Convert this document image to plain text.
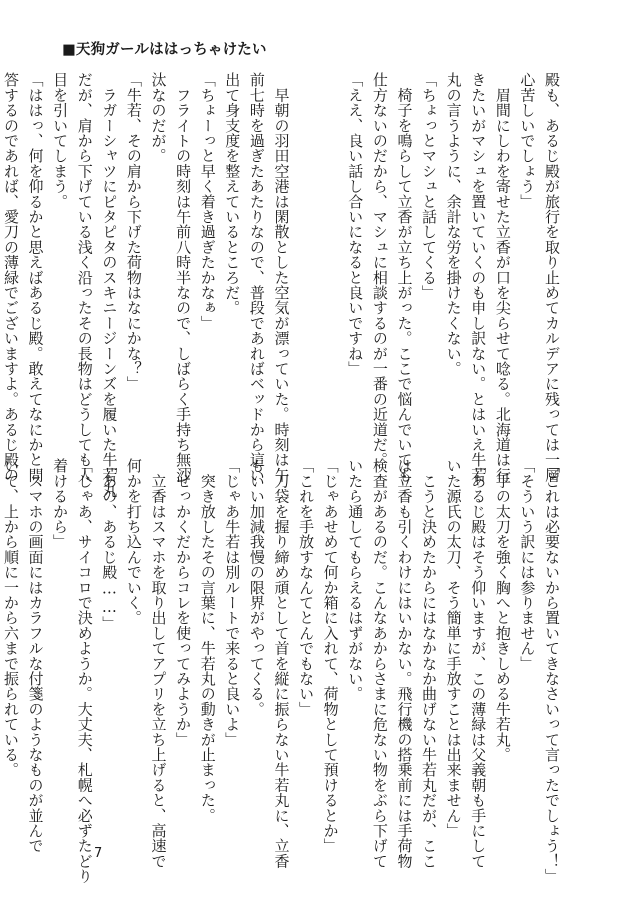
■天狗ガールははっちゃけたい
殿も、あるじ殿が旅行を取り止めてカルデアに残っては一層
心苦しいでしょう」
　眉間にしわを寄せた立香が口を尖らせて唸る。北海道は行
きたいがマシュを置いていくのも申し訳ない。とはいえ牛若
丸の言うように、余計な労を掛けたくない。
「ちょっとマシュと話してくる」
　椅子を鳴らして立香が立ち上がった。ここで悩んでいても
仕方ないのだから、マシュに相談するのが一番の近道だ。
「ええ、良い話し合いになると良いですね」

　早朝の羽田空港は閑散とした空気が漂っていた。時刻は午
前七時を過ぎたあたりなので、普段であればベッドから這い
出て身支度を整えているところだ。
「ちょーっと早く着き過ぎたかなぁ」
　フライトの時刻は午前八時半なので、しばらく手持ち無沙
汰なのだが。
「牛若、その肩から下げた荷物はなにかな？」
　ラガーシャツにピタピタのスキニージーンズを履いた牛若丸
だが、肩から下げている浅く沿ったその長物はどうしても人
目を引いてしまう。
「ははっ、何を仰るかと思えばあるじ殿。敢えてなにかと問
答するのであれば、愛刀の薄緑でございますよ。あるじ殿の
「これは必要ないから置いてきなさいって言ったでしょう！」
「そういう訳には参りません」
　手の太刀を強く胸へと抱きしめる牛若丸。
「あるじ殿はそう仰いますが、この薄緑は父義朝も手にして
いた源氏の太刀、そう簡単に手放すことは出来ません」
　こうと決めたからにはなかなか曲げない牛若丸だが、ここ
は立香も引くわけにはいかない。飛行機の搭乗前には手荷物
検査があるのだ。こんなあからさまに危ない物をぶら下げて
いたら通してもらえるはずがない。
「じゃあせめて何か箱に入れて、荷物として預けるとか」
「これを手放すなんてとんでもない」
　刀袋を握り締め頑として首を縦に振らない牛若丸に、立香
もいい加減我慢の限界がやってくる。
「じゃあ牛若は別ルートで来ると良いよ」
　突き放したその言葉に、牛若丸の動きが止まった。
「せっかくだからコレを使ってみようか」
　立香はスマホを取り出してアプリを立ち上げると、高速で
何かを打ち込んでいく。
「あの、あるじ殿……」
「じゃあ、サイコロで決めようか。大丈夫、札幌へ必ずたどり
着けるから」
　スマホの画面にはカラフルな付箋のようなものが並んで
いて、上から順に一から六まで振られている。
7
